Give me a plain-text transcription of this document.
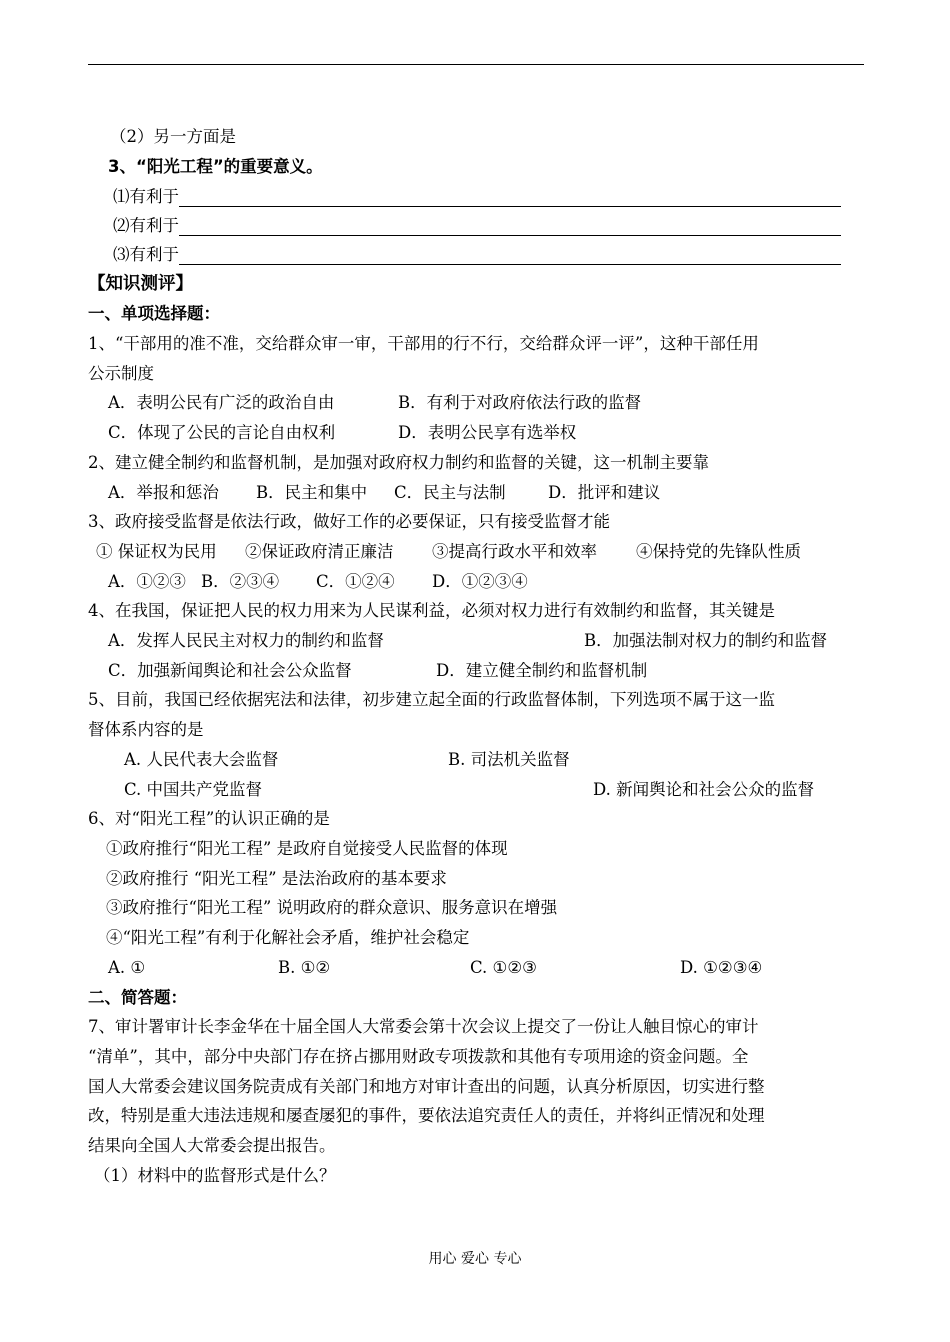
（2）另一方面是
3、“阳光工程”的重要意义。
⑴有利于
⑵有利于
⑶有利于
【知识测评】
一、单项选择题：
1、“干部用的准不准，交给群众审一审，干部用的行不行，交给群众评一评”，这种干部任用
公示制度
A．表明公民有广泛的政治自由	B．有利于对政府依法行政的监督
C．体现了公民的言论自由权利	D．表明公民享有选举权
2、建立健全制约和监督机制，是加强对政府权力制约和监督的关键，这一机制主要靠
A．举报和惩治 B．民主和集中 C．民主与法制	D．批评和建议
3、政府接受监督是依法行政，做好工作的必要保证，只有接受监督才能
① 保证权为民用 ②保证政府清正廉洁 ③提高行政水平和效率 ④保持党的先锋队性质
A．①②③ B．②③④ C．①②④ D．①②③④
4、在我国，保证把人民的权力用来为人民谋利益，必须对权力进行有效制约和监督，其关键是
A．发挥人民民主对权力的制约和监督	B．加强法制对权力的制约和监督
C．加强新闻舆论和社会公众监督	D．建立健全制约和监督机制
5、目前，我国已经依据宪法和法律，初步建立起全面的行政监督体制，下列选项不属于这一监
督体系内容的是
A. 人民代表大会监督	B. 司法机关监督
C. 中国共产党监督	D. 新闻舆论和社会公众的监督
6、对“阳光工程”的认识正确的是
①政府推行“阳光工程” 是政府自觉接受人民监督的体现
②政府推行 “阳光工程” 是法治政府的基本要求
③政府推行“阳光工程” 说明政府的群众意识、服务意识在增强
④“阳光工程”有利于化解社会矛盾，维护社会稳定
A. ①	B. ①②	C. ①②③	D. ①②③④
二、简答题：
7、审计署审计长李金华在十届全国人大常委会第十次会议上提交了一份让人触目惊心的审计
“清单”，其中，部分中央部门存在挤占挪用财政专项拨款和其他有专项用途的资金问题。全
国人大常委会建议国务院责成有关部门和地方对审计查出的问题，认真分析原因，切实进行整
改，特别是重大违法违规和屡查屡犯的事件，要依法追究责任人的责任，并将纠正情况和处理
结果向全国人大常委会提出报告。
（1）材料中的监督形式是什么？
用心 爱心 专心
